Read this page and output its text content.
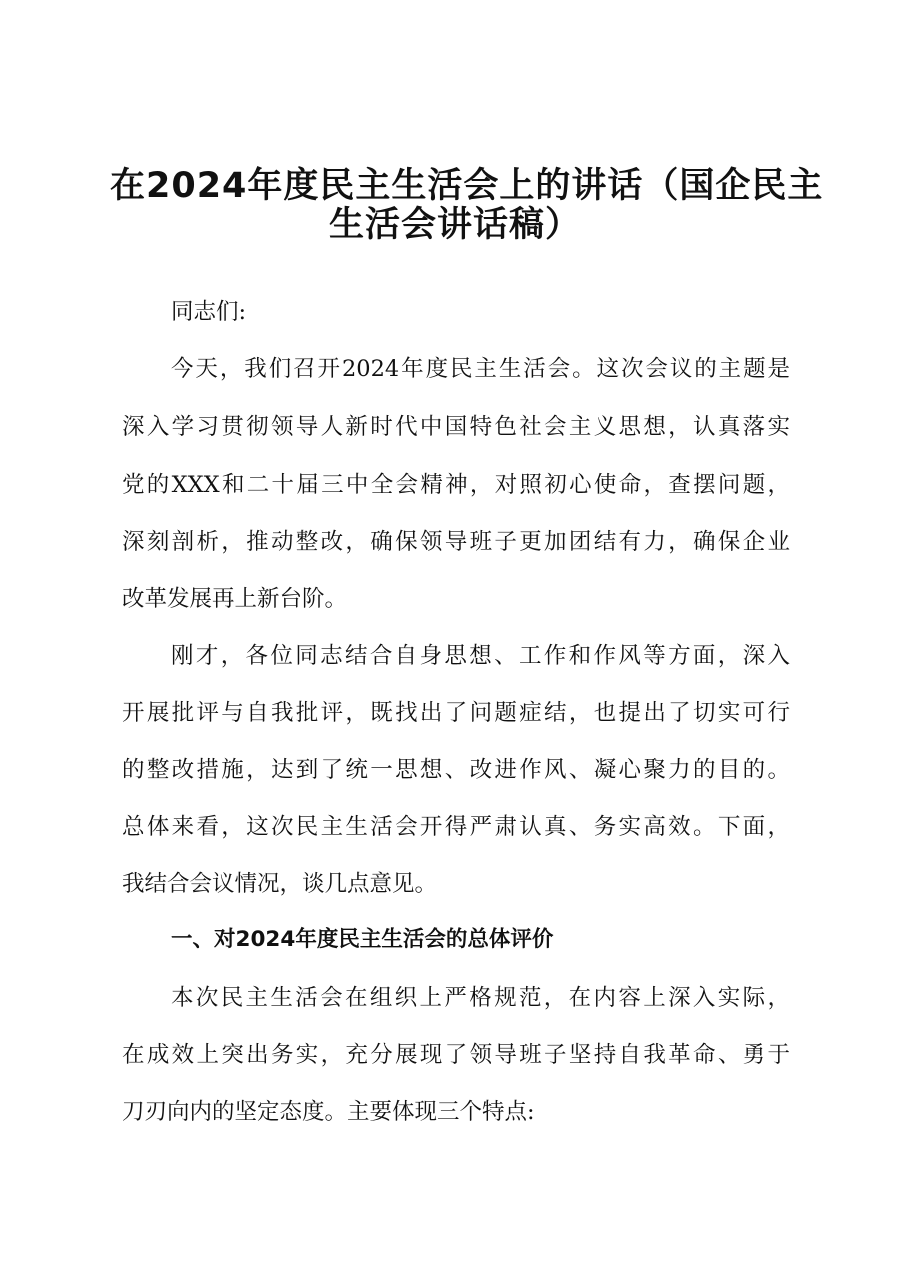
在2024年度民主生活会上的讲话（国企民主
生活会讲话稿）

同志们:

今天，我们召开2024年度民主生活会。这次会议的主题是

深入学习贯彻领导人新时代中国特色社会主义思想，认真落实

党的XXX和二十届三中全会精神，对照初心使命，查摆问题，

深刻剖析，推动整改，确保领导班子更加团结有力，确保企业

改革发展再上新台阶。

刚才，各位同志结合自身思想、工作和作风等方面，深入

开展批评与自我批评，既找出了问题症结，也提出了切实可行

的整改措施，达到了统一思想、改进作风、凝心聚力的目的。

总体来看，这次民主生活会开得严肃认真、务实高效。下面，

我结合会议情况，谈几点意见。

一、对2024年度民主生活会的总体评价

本次民主生活会在组织上严格规范，在内容上深入实际，

在成效上突出务实，充分展现了领导班子坚持自我革命、勇于

刀刃向内的坚定态度。主要体现三个特点:
